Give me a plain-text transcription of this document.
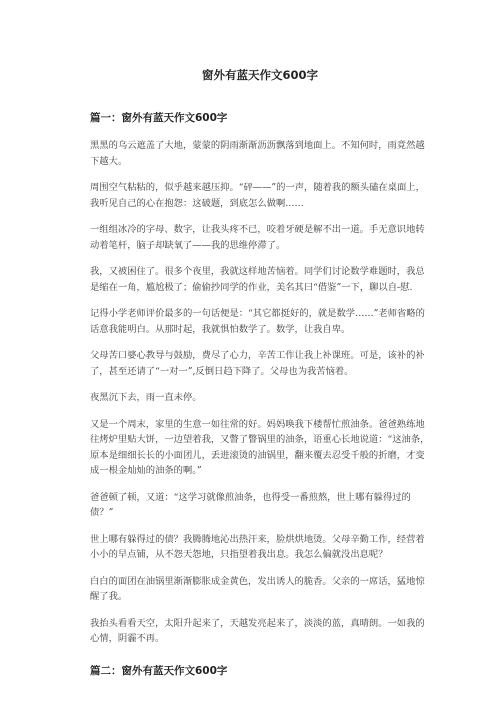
窗外有蓝天作文600字
篇一：窗外有蓝天作文600字

黑黑的乌云遮盖了大地，蒙蒙的阴雨渐渐沥沥飘落到地面上。不知何时，雨竟然越下越大。

周围空气粘粘的，似乎越来越压抑。“砰——”的一声，随着我的额头磕在桌面上，我听见自己的心在抱怨：这破题，到底怎么做啊……

一组组冰冷的字母、数字，让我头疼不已，咬着牙硬是解不出一道。手无意识地转动着笔杆，脑子却缺氧了——我的思维停滞了。

我，又被困住了。很多个夜里，我就这样地苦恼着。同学们讨论数学难题时，我总是缩在一角，尴尬极了；偷偷抄同学的作业，美名其曰“借鉴”一下，聊以自-慰.

记得小学老师评价最多的一句话便是：“其它都挺好的，就是数学……”老师省略的话意我能明白。从那时起，我就惧怕数学了。数学，让我自卑。

父母苦口婆心教导与鼓励，费尽了心力，辛苦工作让我上补课班。可是，该补的补了，甚至还请了“一对一”,反倒日趋下降了。父母也为我苦恼着。

夜黑沉下去，雨一直未停。

又是一个周末，家里的生意一如往常的好。妈妈唤我下楼帮忙煎油条。爸爸熟练地往烤炉里贴大饼，一边望着我，又瞥了瞥锅里的油条，语重心长地说道：“这油条，原本是细细长长的小面团儿，丢进滚烫的油锅里，翻来覆去忍受千般的折磨，才变成一根金灿灿的油条的啊。”

爸爸顿了顿，又道：“这学习就像煎油条，也得受一番煎熬，世上哪有躲得过的债？”

世上哪有躲得过的债？我腾腾地沁出热汗来，脸烘烘地烫。父母辛勤工作，经营着小小的早点铺，从不怨天怨地，只指望着我出息。我怎么偏就没出息呢？

白白的面团在油锅里渐渐膨胀成金黄色，发出诱人的脆香。父亲的一席话，猛地惊醒了我。

我抬头看看天空，太阳升起来了，天越发亮起来了，淡淡的蓝，真晴朗。一如我的心情，阴霾不再。

篇二：窗外有蓝天作文600字
